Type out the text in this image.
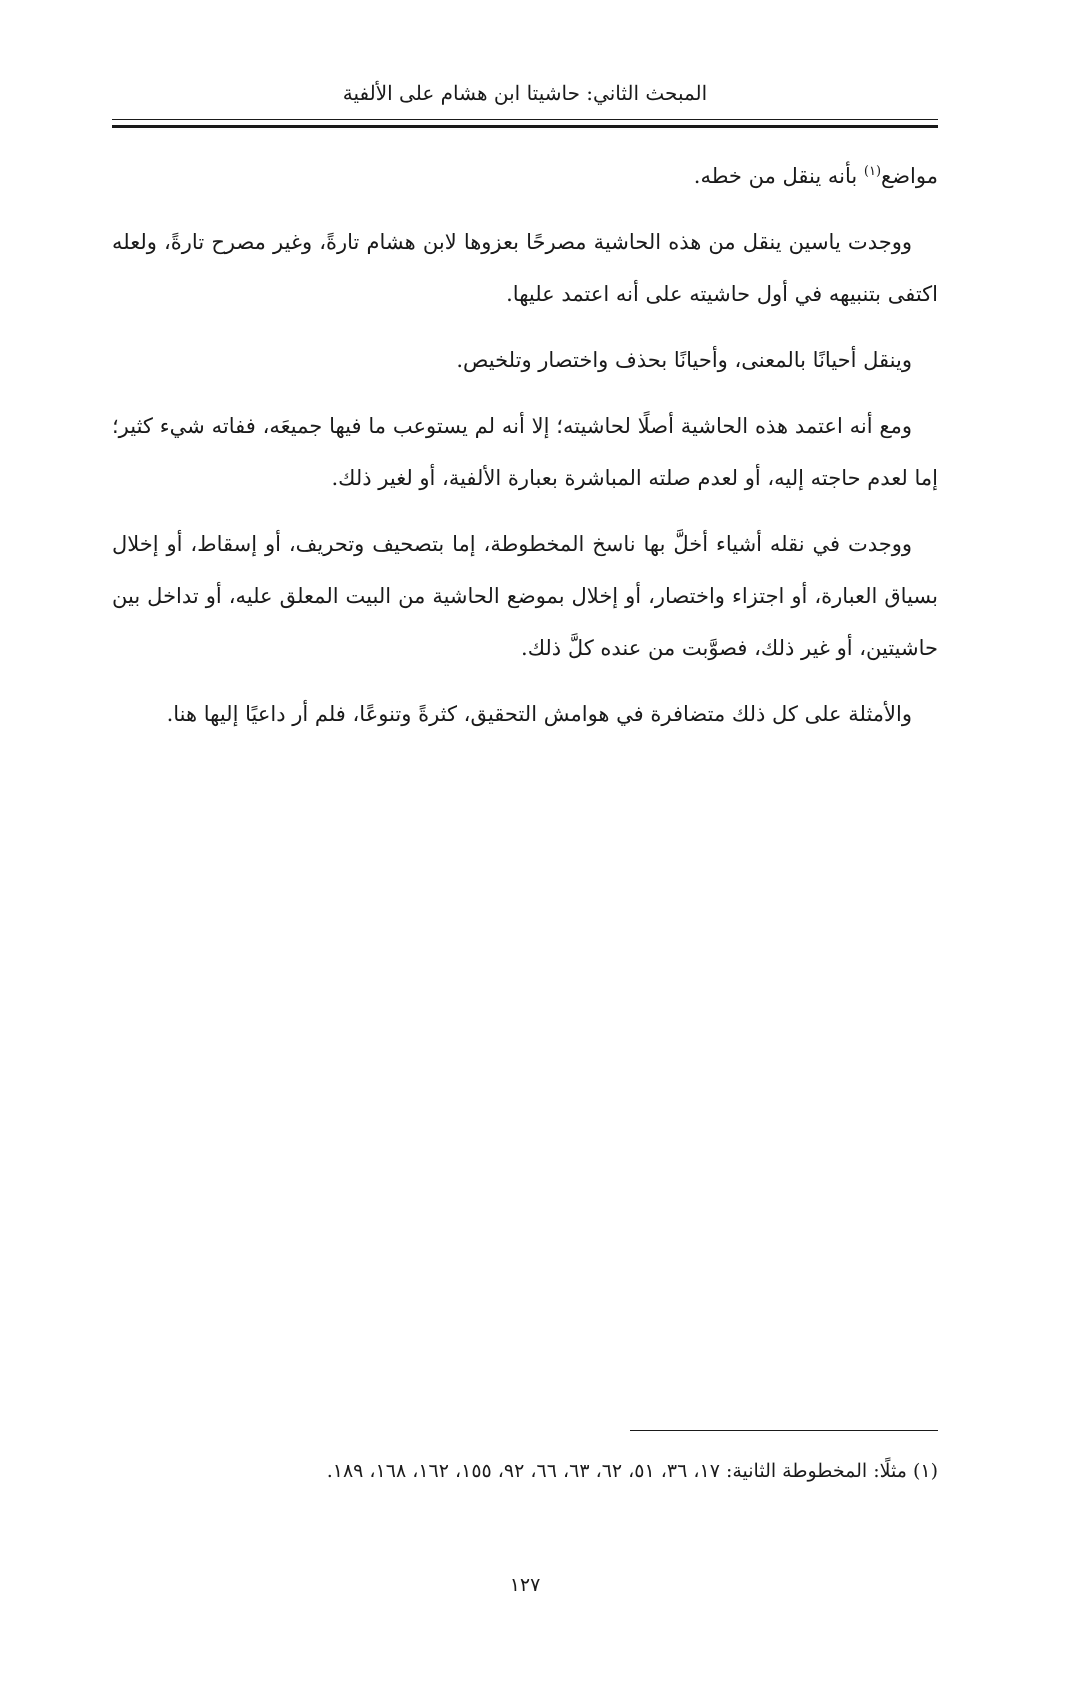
المبحث الثاني: حاشيتا ابن هشام على الألفية

مواضع$^{(١)}$ بأنه ينقل من خطه.

ووجدت ياسين ينقل من هذه الحاشية مصرحًا بعزوها لابن هشام تارةً، وغير مصرح تارةً، ولعله اكتفى بتنبيهه في أول حاشيته على أنه اعتمد عليها.

وينقل أحيانًا بالمعنى، وأحيانًا بحذف واختصار وتلخيص.

ومع أنه اعتمد هذه الحاشية أصلًا لحاشيته؛ إلا أنه لم يستوعب ما فيها جميعَه، ففاته شيء كثير؛ إما لعدم حاجته إليه، أو لعدم صلته المباشرة بعبارة الألفية، أو لغير ذلك.

ووجدت في نقله أشياء أخلَّ بها ناسخ المخطوطة، إما بتصحيف وتحريف، أو إسقاط، أو إخلال بسياق العبارة، أو اجتزاء واختصار، أو إخلال بموضع الحاشية من البيت المعلق عليه، أو تداخل بين حاشيتين، أو غير ذلك، فصوَّبت من عنده كلَّ ذلك.

والأمثلة على كل ذلك متضافرة في هوامش التحقيق، كثرةً وتنوعًا، فلم أر داعيًا إليها هنا.

(١) مثلًا: المخطوطة الثانية: ١٧، ٣٦، ٥١، ٦٢، ٦٣، ٦٦، ٩٢، ١٥٥، ١٦٢، ١٦٨، ١٨٩.
١٢٧
